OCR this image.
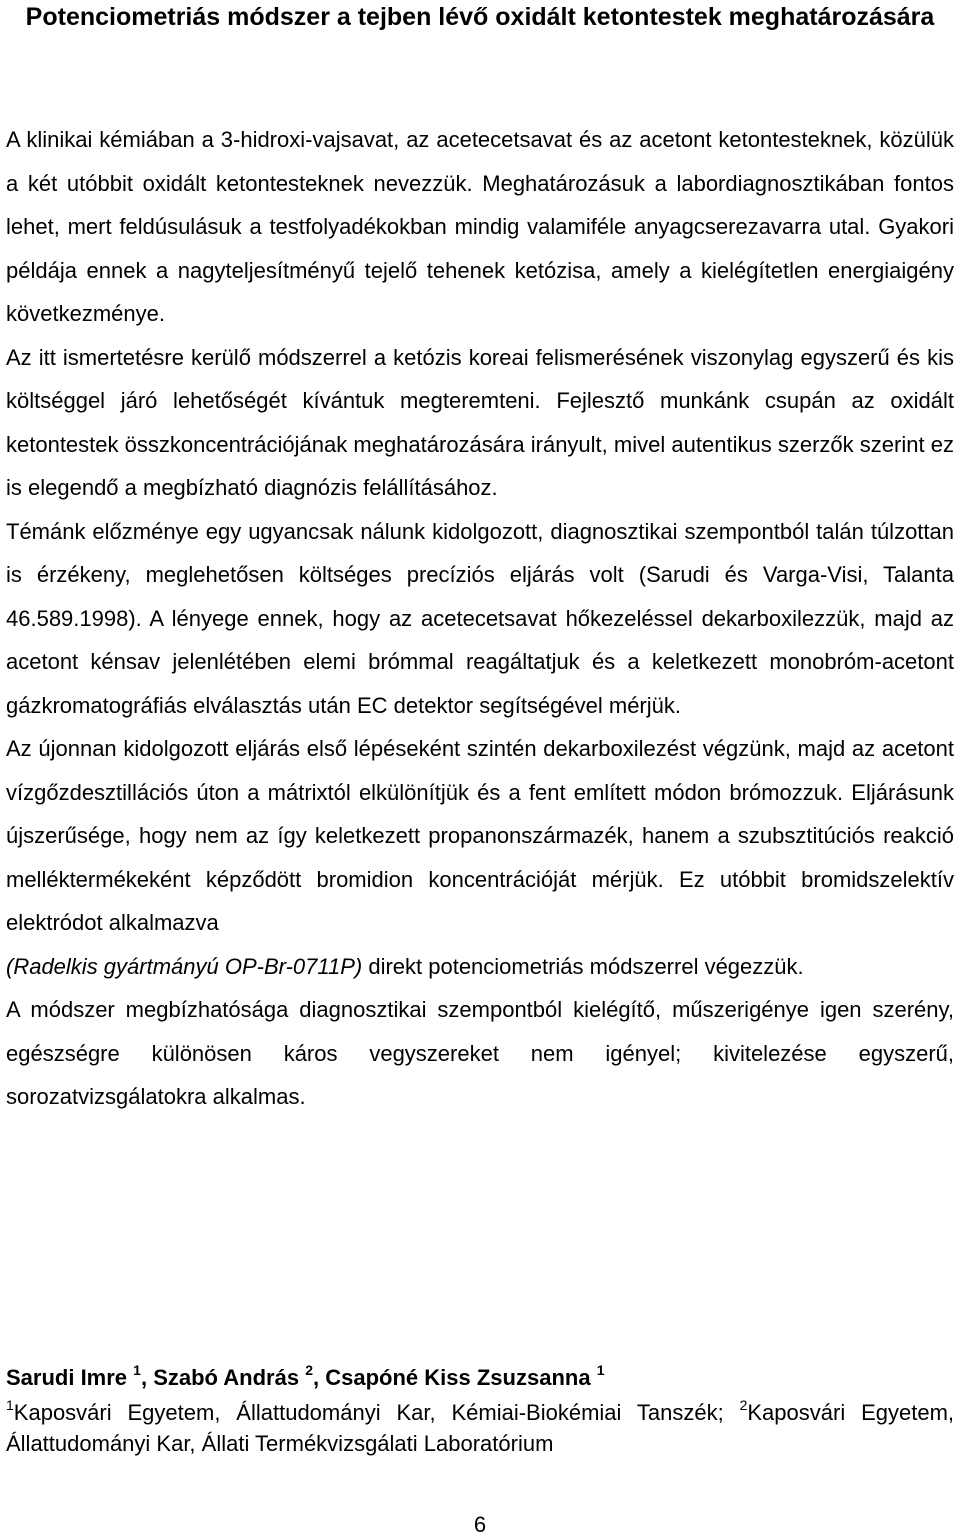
Potenciometriás módszer a tejben lévő oxidált ketontestek meghatározására

A klinikai kémiában a 3-hidroxi-vajsavat, az acetecetsavat és az acetont ketontesteknek, közülük a két utóbbit oxidált ketontesteknek nevezzük. Meghatározásuk a labordiagnosztikában fontos lehet, mert feldúsulásuk a testfolyadékokban mindig valamiféle anyagcserezavarra utal. Gyakori példája ennek a nagyteljesítményű tejelő tehenek ketózisa, amely a kielégítetlen energiaigény következménye.

Az itt ismertetésre kerülő módszerrel a ketózis koreai felismerésének viszonylag egyszerű és kis költséggel járó lehetőségét kívántuk megteremteni. Fejlesztő munkánk csupán az oxidált ketontestek összkoncentrációjának meghatározására irányult, mivel autentikus szerzők szerint ez is elegendő a megbízható diagnózis felállításához.

Témánk előzménye egy ugyancsak nálunk kidolgozott, diagnosztikai szempontból talán túlzottan is érzékeny, meglehetősen költséges precíziós eljárás volt (Sarudi és Varga-Visi, Talanta 46.589.1998). A lényege ennek, hogy az acetecetsavat hőkezeléssel dekarboxilezzük, majd az acetont kénsav jelenlétében elemi brómmal reagáltatjuk és a keletkezett monobróm-acetont gázkromatográfiás elválasztás után EC detektor segítségével mérjük.

Az újonnan kidolgozott eljárás első lépéseként szintén dekarboxilezést végzünk, majd az acetont vízgőzdesztillációs úton a mátrixtól elkülönítjük és a fent említett módon brómozzuk. Eljárásunk újszerűsége, hogy nem az így keletkezett propanonszármazék, hanem a szubsztitúciós reakció melléktermékeként képződött bromidion koncentrációját mérjük. Ez utóbbit bromidszelektív elektródot alkalmazva
(Radelkis gyártmányú OP-Br-0711P) direkt potenciometriás módszerrel végezzük.

A módszer megbízhatósága diagnosztikai szempontból kielégítő, műszerigénye igen szerény, egészségre különösen káros vegyszereket nem igényel; kivitelezése egyszerű, sorozatvizsgálatokra alkalmas.

Sarudi Imre $^1$, Szabó András $^2$, Csapóné Kiss Zsuzsanna $^1$
$^1$Kaposvári Egyetem, Állattudományi Kar, Kémiai-Biokémiai Tanszék; $^2$Kaposvári Egyetem, Állattudományi Kar, Állati Termékvizsgálati Laboratórium
6
